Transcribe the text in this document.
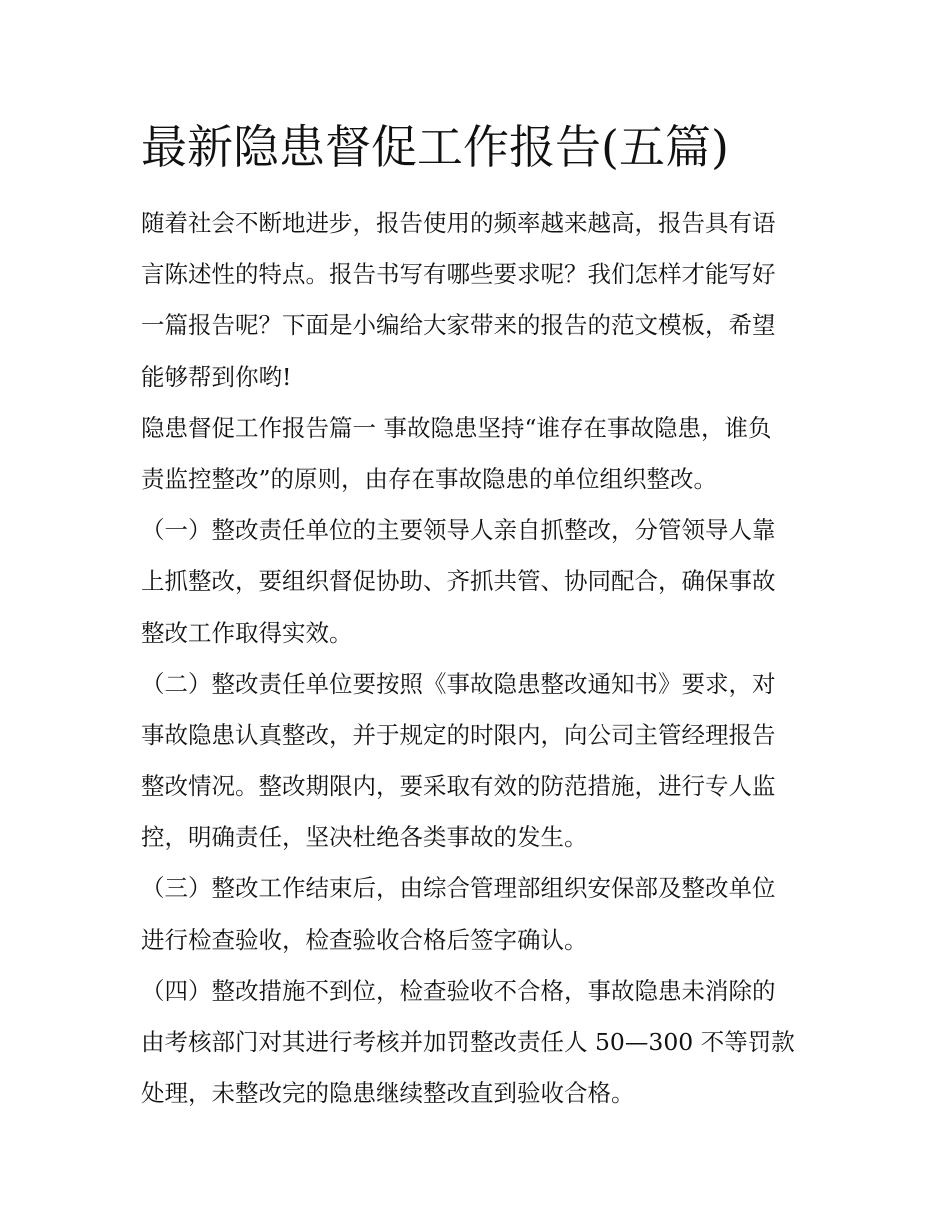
最新隐患督促工作报告(五篇)
随着社会不断地进步，报告使用的频率越来越高，报告具有语
言陈述性的特点。报告书写有哪些要求呢？我们怎样才能写好
一篇报告呢？下面是小编给大家带来的报告的范文模板，希望
能够帮到你哟!
隐患督促工作报告篇一 事故隐患坚持“谁存在事故隐患，谁负
责监控整改”的原则，由存在事故隐患的单位组织整改。
（一）整改责任单位的主要领导人亲自抓整改，分管领导人靠
上抓整改，要组织督促协助、齐抓共管、协同配合，确保事故
整改工作取得实效。
（二）整改责任单位要按照《事故隐患整改通知书》要求，对
事故隐患认真整改，并于规定的时限内，向公司主管经理报告
整改情况。整改期限内，要采取有效的防范措施，进行专人监
控，明确责任，坚决杜绝各类事故的发生。
（三）整改工作结束后，由综合管理部组织安保部及整改单位
进行检查验收，检查验收合格后签字确认。
（四）整改措施不到位，检查验收不合格，事故隐患未消除的
由考核部门对其进行考核并加罚整改责任人 50—300 不等罚款
处理，未整改完的隐患继续整改直到验收合格。
